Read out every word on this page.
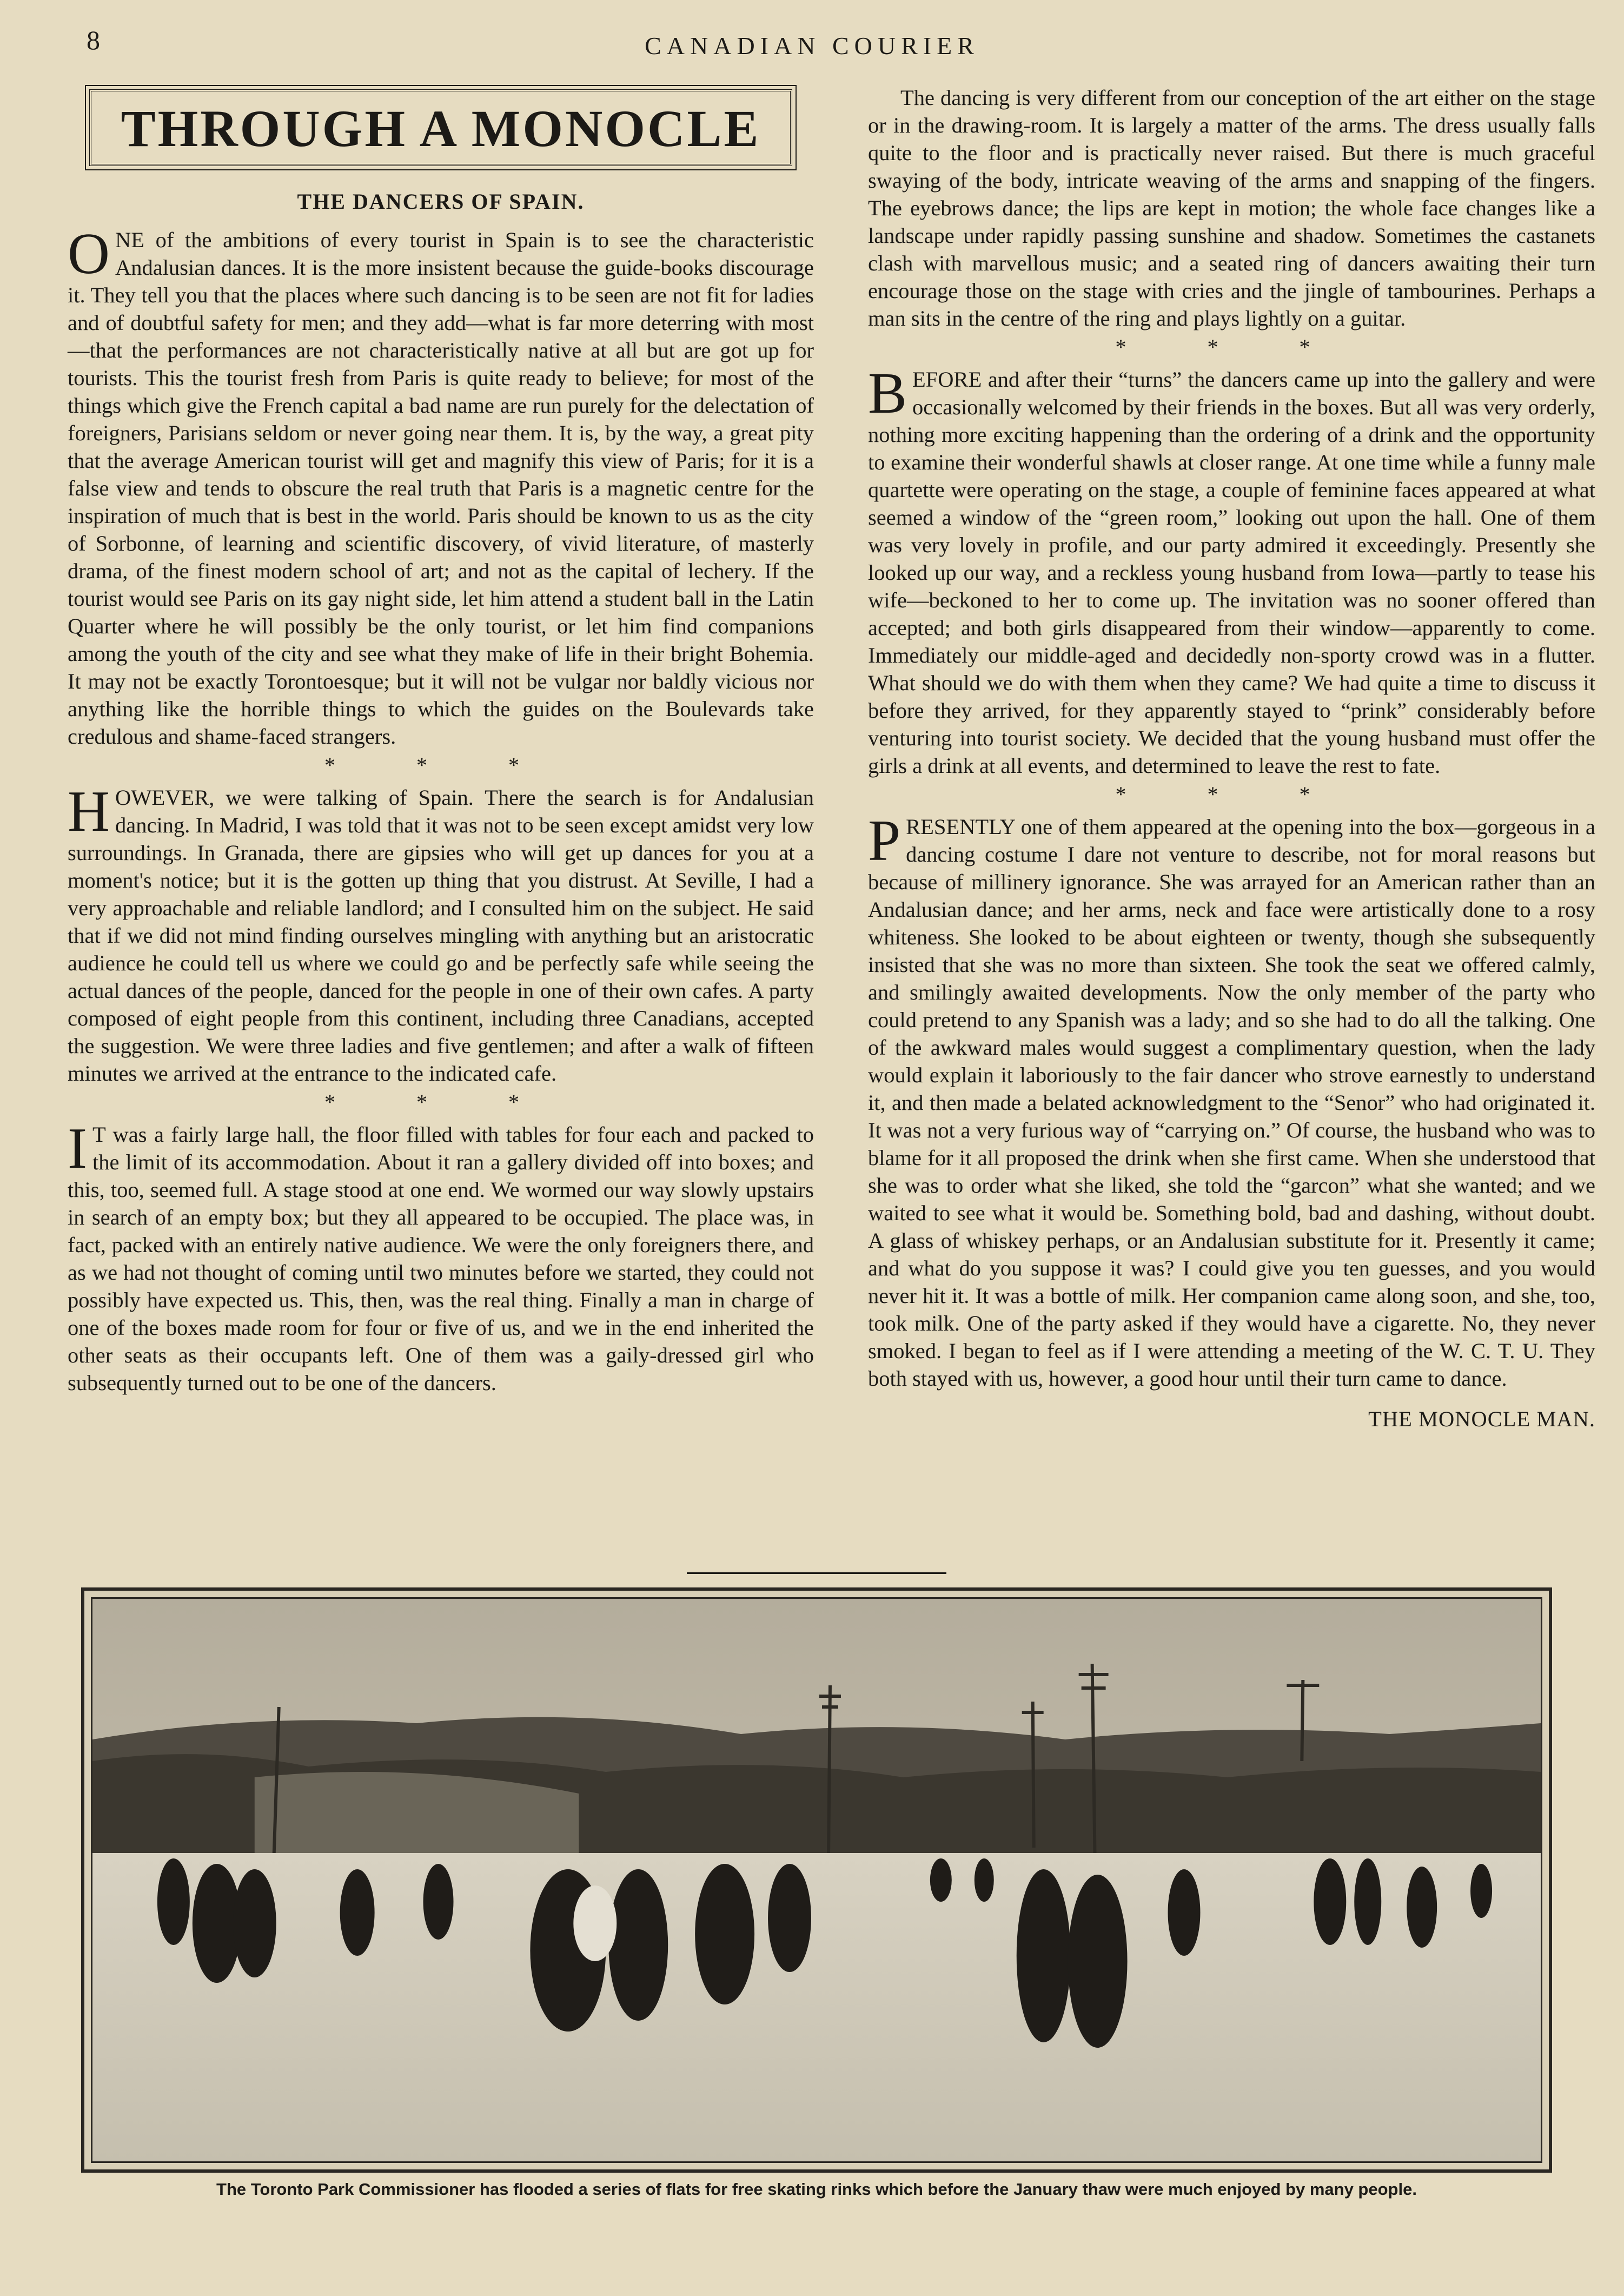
8	CANADIAN COURIER
THROUGH A MONOCLE
THE DANCERS OF SPAIN.

ONE of the ambitions of every tourist in Spain is to see the characteristic Andalusian dances. It is the more insistent because the guide-books discourage it. They tell you that the places where such dancing is to be seen are not fit for ladies and of doubtful safety for men; and they add—what is far more deterring with most—that the performances are not characteristically native at all but are got up for tourists. This the tourist fresh from Paris is quite ready to believe; for most of the things which give the French capital a bad name are run purely for the delectation of foreigners, Parisians seldom or never going near them. It is, by the way, a great pity that the average American tourist will get and magnify this view of Paris; for it is a false view and tends to obscure the real truth that Paris is a magnetic centre for the inspiration of much that is best in the world. Paris should be known to us as the city of Sorbonne, of learning and scientific discovery, of vivid literature, of masterly drama, of the finest modern school of art; and not as the capital of lechery. If the tourist would see Paris on its gay night side, let him attend a student ball in the Latin Quarter where he will possibly be the only tourist, or let him find companions among the youth of the city and see what they make of life in their bright Bohemia. It may not be exactly Torontoesque; but it will not be vulgar nor baldly vicious nor anything like the horrible things to which the guides on the Boulevards take credulous and shame-faced strangers.

* * *

HOWEVER, we were talking of Spain. There the search is for Andalusian dancing. In Madrid, I was told that it was not to be seen except amidst very low surroundings. In Granada, there are gipsies who will get up dances for you at a moment's notice; but it is the gotten up thing that you distrust. At Seville, I had a very approachable and reliable landlord; and I consulted him on the subject. He said that if we did not mind finding ourselves mingling with anything but an aristocratic audience he could tell us where we could go and be perfectly safe while seeing the actual dances of the people, danced for the people in one of their own cafes. A party composed of eight people from this continent, including three Canadians, accepted the suggestion. We were three ladies and five gentlemen; and after a walk of fifteen minutes we arrived at the entrance to the indicated cafe.

* * *

I T was a fairly large hall, the floor filled with tables for four each and packed to the limit of its accommodation. About it ran a gallery divided off into boxes; and this, too, seemed full. A stage stood at one end. We wormed our way slowly upstairs in search of an empty box; but they all appeared to be occupied. The place was, in fact, packed with an entirely native audience. We were the only foreigners there, and as we had not thought of coming until two minutes before we started, they could not possibly have expected us. This, then, was the real thing. Finally a man in charge of one of the boxes made room for four or five of us, and we in the end inherited the other seats as their occupants left. One of them was a gaily-dressed girl who subsequently turned out to be one of the dancers.

The dancing is very different from our conception of the art either on the stage or in the drawing-room. It is largely a matter of the arms. The dress usually falls quite to the floor and is practically never raised. But there is much graceful swaying of the body, intricate weaving of the arms and snapping of the fingers. The eyebrows dance; the lips are kept in motion; the whole face changes like a landscape under rapidly passing sunshine and shadow. Sometimes the castanets clash with marvellous music; and a seated ring of dancers awaiting their turn encourage those on the stage with cries and the jingle of tambourines. Perhaps a man sits in the centre of the ring and plays lightly on a guitar.

* * *

BEFORE and after their “turns” the dancers came up into the gallery and were occasionally welcomed by their friends in the boxes. But all was very orderly, nothing more exciting happening than the ordering of a drink and the opportunity to examine their wonderful shawls at closer range. At one time while a funny male quartette were operating on the stage, a couple of feminine faces appeared at what seemed a window of the “green room,” looking out upon the hall. One of them was very lovely in profile, and our party admired it exceedingly. Presently she looked up our way, and a reckless young husband from Iowa—partly to tease his wife—beckoned to her to come up. The invitation was no sooner offered than accepted; and both girls disappeared from their window—apparently to come. Immediately our middle-aged and decidedly non-sporty crowd was in a flutter. What should we do with them when they came? We had quite a time to discuss it before they arrived, for they apparently stayed to “prink” considerably before venturing into tourist society. We decided that the young husband must offer the girls a drink at all events, and determined to leave the rest to fate.

* * *

PRESENTLY one of them appeared at the opening into the box—gorgeous in a dancing costume I dare not venture to describe, not for moral reasons but because of millinery ignorance. She was arrayed for an American rather than an Andalusian dance; and her arms, neck and face were artistically done to a rosy whiteness. She looked to be about eighteen or twenty, though she subsequently insisted that she was no more than sixteen. She took the seat we offered calmly, and smilingly awaited developments. Now the only member of the party who could pretend to any Spanish was a lady; and so she had to do all the talking. One of the awkward males would suggest a complimentary question, when the lady would explain it laboriously to the fair dancer who strove earnestly to understand it, and then made a belated acknowledgment to the “Senor” who had originated it. It was not a very furious way of “carrying on.” Of course, the husband who was to blame for it all proposed the drink when she first came. When she understood that she was to order what she liked, she told the “garcon” what she wanted; and we waited to see what it would be. Something bold, bad and dashing, without doubt. A glass of whiskey perhaps, or an Andalusian substitute for it. Presently it came; and what do you suppose it was? I could give you ten guesses, and you would never hit it. It was a bottle of milk. Her companion came along soon, and she, too, took milk. One of the party asked if they would have a cigarette. No, they never smoked. I began to feel as if I were attending a meeting of the W. C. T. U. They both stayed with us, however, a good hour until their turn came to dance.

THE MONOCLE MAN.
The Toronto Park Commissioner has flooded a series of flats for free skating rinks which before the January thaw were much enjoyed by many people.
